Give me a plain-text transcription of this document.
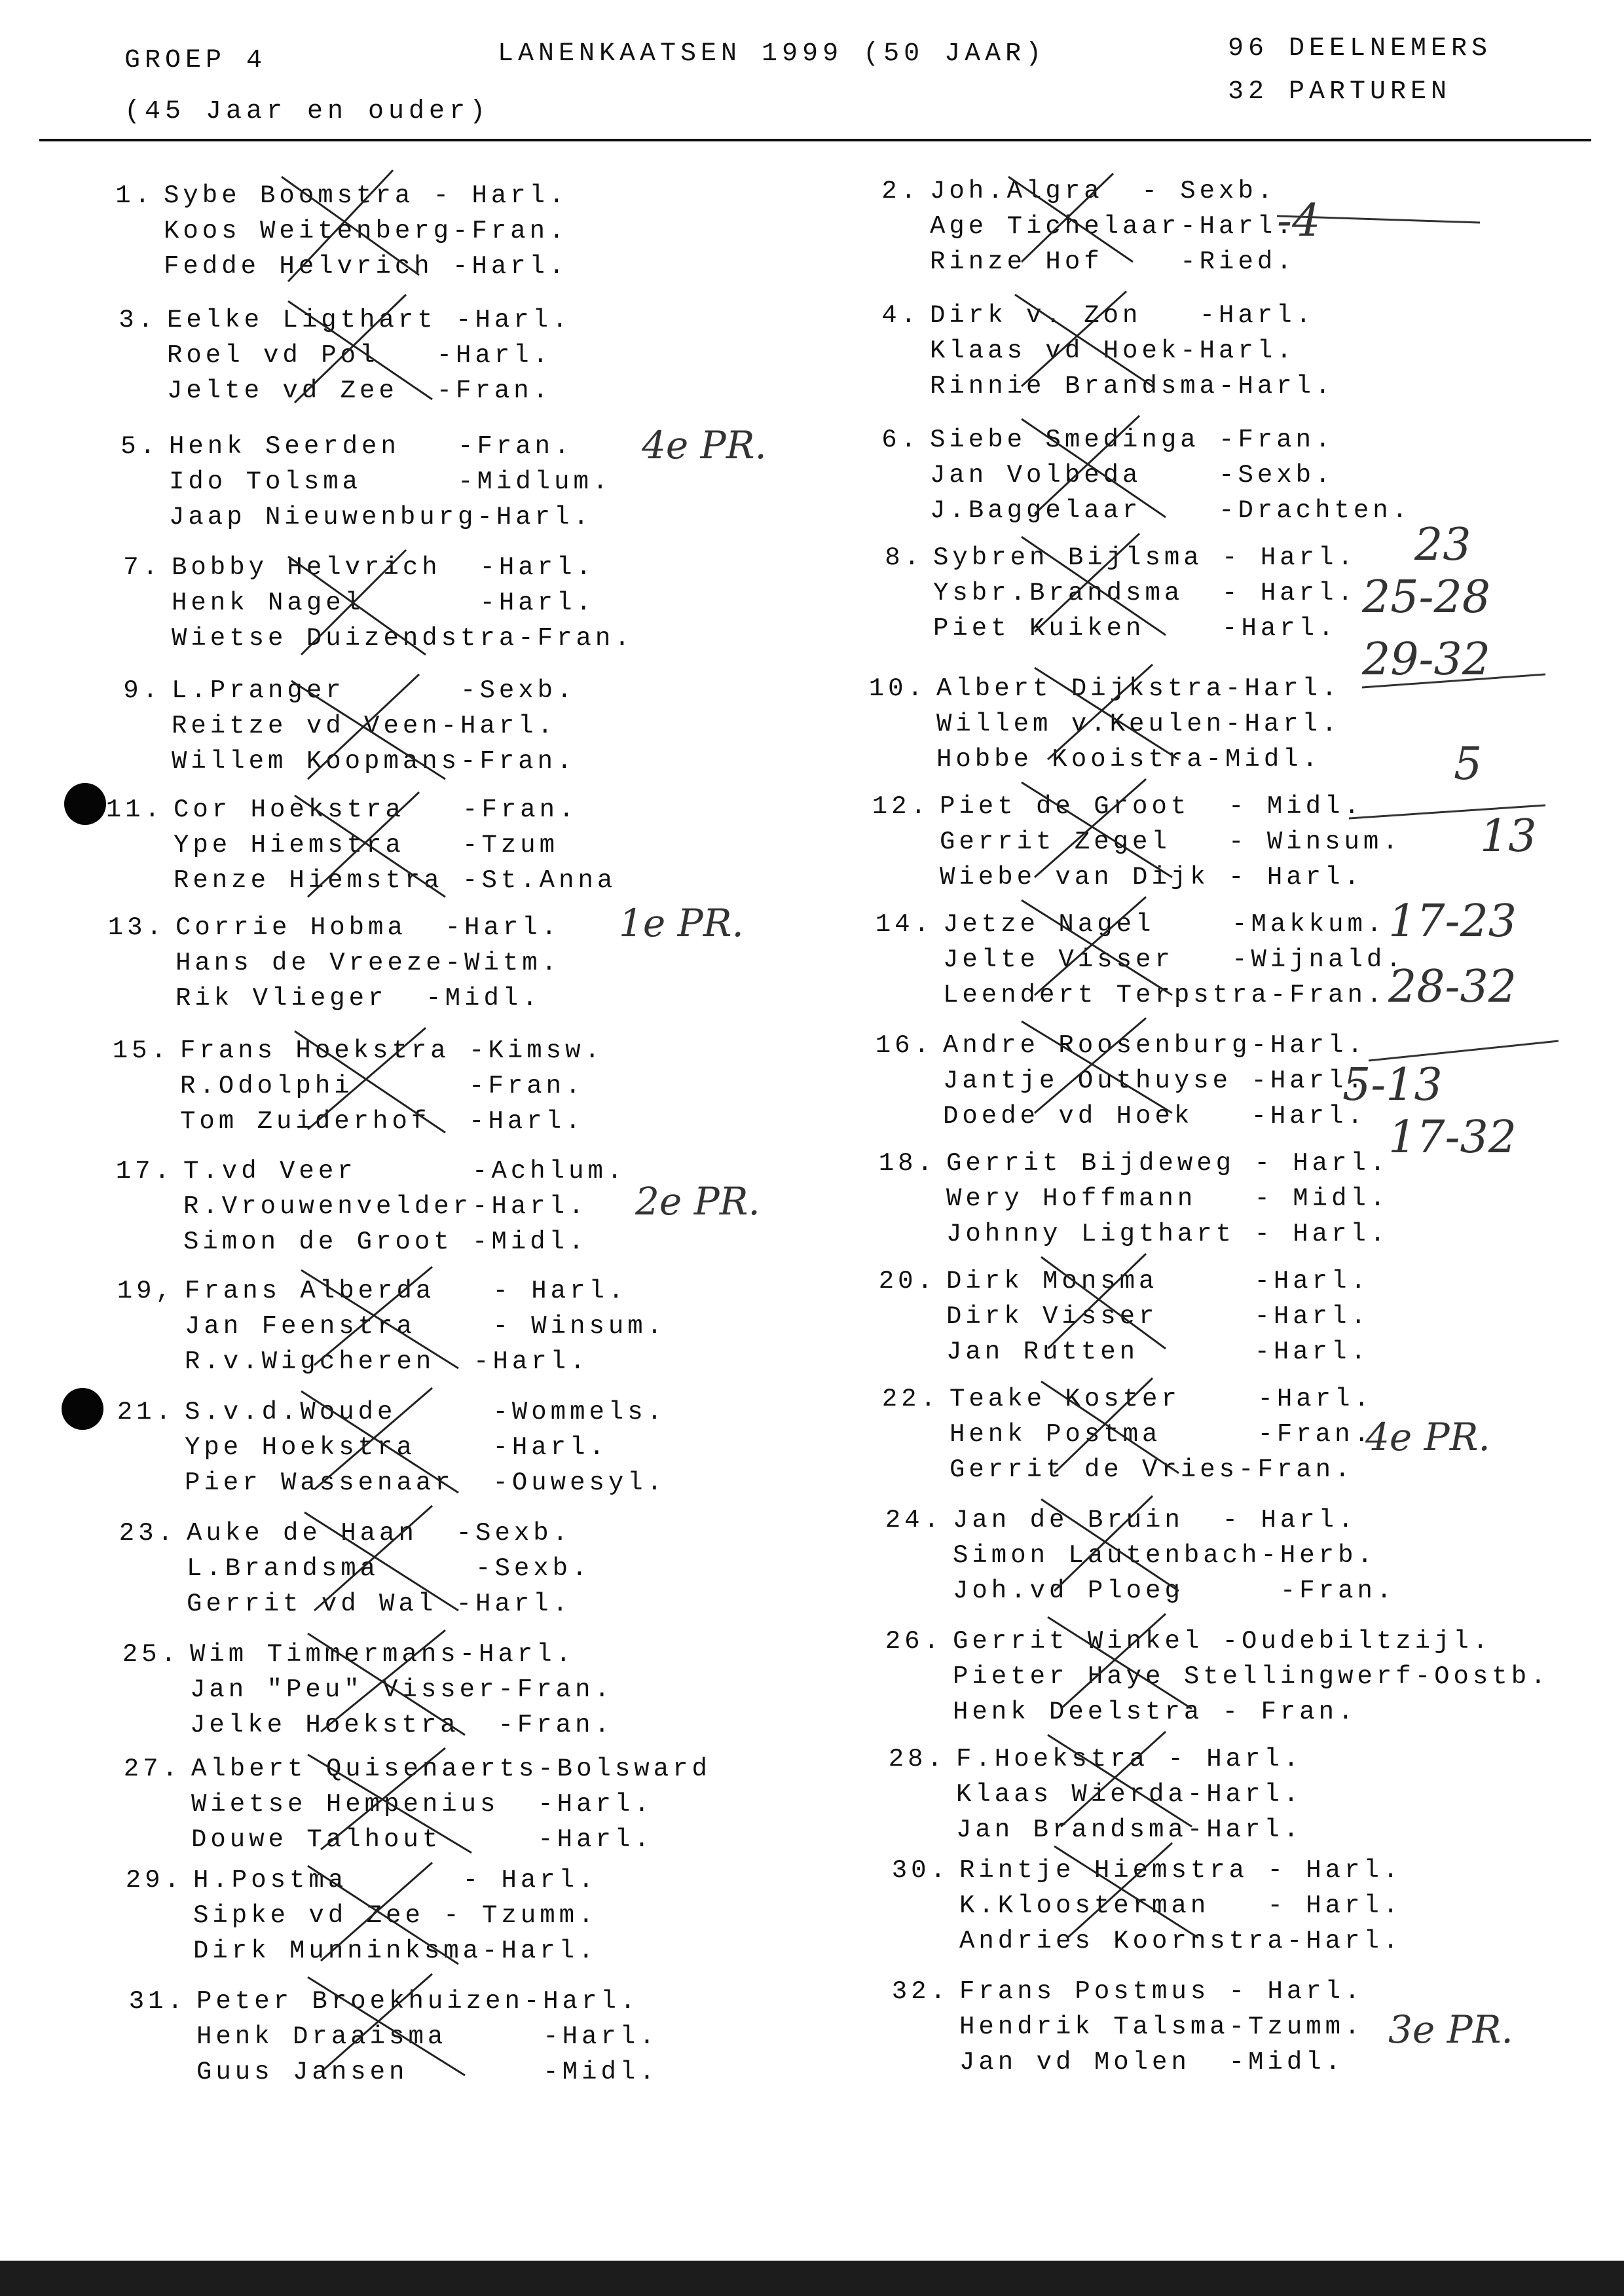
GROEP 4
(45 Jaar en ouder)
LANENKAATSEN 1999 (50 JAAR)	96 DEELNEMERS
32 PARTUREN
1. Sybe Boomstra - Harl.
Koos Weitenberg-Fran.
Fedde Helvrich -Harl.
2. Joh.Algra  - Sexb.
Age Tichelaar-Harl.
Rinze Hof    -Ried.
3. Eelke Ligthart -Harl.
Roel vd Pol   -Harl.
Jelte vd Zee  -Fran.
4. Dirk v. Zon   -Harl.
Klaas vd Hoek-Harl.
Rinnie Brandsma-Harl.
5. Henk Seerden   -Fran.
Ido Tolsma     -Midlum.
Jaap Nieuwenburg-Harl.
6. Siebe Smedinga -Fran.
Jan Volbeda    -Sexb.
J.Baggelaar    -Drachten.
7. Bobby Helvrich  -Harl.
Henk Nagel      -Harl.
Wietse Duizendstra-Fran.
8. Sybren Bijlsma - Harl.
Ysbr.Brandsma  - Harl.
Piet Kuiken    -Harl.
9. L.Pranger      -Sexb.
Reitze vd Veen-Harl.
Willem Koopmans-Fran.
10. Albert Dijkstra-Harl.
Willem v.Keulen-Harl.
Hobbe Kooistra-Midl.
11. Cor Hoekstra   -Fran.
Ype Hiemstra   -Tzum
Renze Hiemstra -St.Anna
12. Piet de Groot  - Midl.
Gerrit Zegel   - Winsum.
Wiebe van Dijk - Harl.
13. Corrie Hobma  -Harl.
Hans de Vreeze-Witm.
Rik Vlieger  -Midl.
14. Jetze Nagel    -Makkum.
Jelte Visser   -Wijnald.
Leendert Terpstra-Fran.
15. Frans Hoekstra -Kimsw.
R.Odolphi      -Fran.
Tom Zuiderhof  -Harl.
16. Andre Roosenburg-Harl.
Jantje Outhuyse -Harl.
Doede vd Hoek   -Harl.
17. T.vd Veer      -Achlum.
R.Vrouwenvelder-Harl.
Simon de Groot -Midl.
18. Gerrit Bijdeweg - Harl.
Wery Hoffmann   - Midl.
Johnny Ligthart - Harl.
19, Frans Alberda   - Harl.
Jan Feenstra    - Winsum.
R.v.Wigcheren  -Harl.
20. Dirk Monsma     -Harl.
Dirk Visser     -Harl.
Jan Rutten      -Harl.
21. S.v.d.Woude     -Wommels.
Ype Hoekstra    -Harl.
Pier Wassenaar  -Ouwesyl.
22. Teake Koster    -Harl.
Henk Postma     -Fran.
Gerrit de Vries-Fran.
23. Auke de Haan  -Sexb.
L.Brandsma     -Sexb.
Gerrit vd Wal -Harl.
24. Jan de Bruin  - Harl.
Simon Lautenbach-Herb.
Joh.vd Ploeg     -Fran.
25. Wim Timmermans-Harl.
Jan "Peu" Visser-Fran.
Jelke Hoekstra  -Fran.
26. Gerrit Winkel -Oudebiltzijl.
Pieter Haye Stellingwerf-Oostb.
Henk Deelstra - Fran.
27. Albert Quisenaerts-Bolsward
Wietse Hempenius  -Harl.
Douwe Talhout     -Harl.
28. F.Hoekstra - Harl.
Klaas Wierda-Harl.
Jan Brandsma-Harl.
29. H.Postma      - Harl.
Sipke vd Zee - Tzumm.
Dirk Munninksma-Harl.
30. Rintje Hiemstra - Harl.
K.Kloosterman   - Harl.
Andries Koornstra-Harl.
31. Peter Broekhuizen-Harl.
Henk Draaisma     -Harl.
Guus Jansen       -Midl.
32. Frans Postmus - Harl.
Hendrik Talsma-Tzumm.
Jan vd Molen  -Midl.
-4
5-13
17-32
23
25-28
29-32
5
13
17-23
28-32
4e PR.
1e PR.
2e PR.
4e PR.
3e PR.
